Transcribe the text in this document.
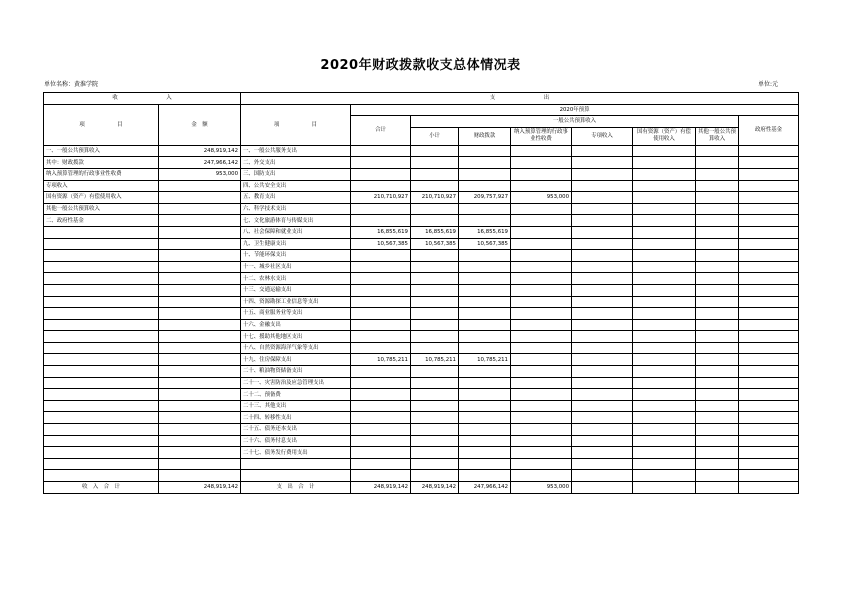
2020年财政拨款收支总体情况表
单位名称：黄淮学院	单位:元
收　　　　　　　　　入		支　　　　　　　　　出								
项　　　　　　目	金　额	项　　　　　　目	2020年预算							
			合计	一般公共预算收入						政府性基金
				小计	财政拨款	纳入预算管理的行政事业性收费	专项收入	国有资源（资产）有偿使用收入	其他一般公共预算收入	
一、一般公共预算收入	248,919,142	一、一般公共服务支出								
其中：财政拨款	247,966,142	二、外交支出								
纳入预算管理的行政事业性收费	953,000	三、国防支出								
专项收入		四、公共安全支出								
国有资源（资产）有偿使用收入		五、教育支出	210,710,927	210,710,927	209,757,927	953,000				
其他一般公共预算收入		六、科学技术支出								
二、政府性基金		七、文化旅游体育与传媒支出								
		八、社会保障和就业支出	16,855,619	16,855,619	16,855,619					
		九、卫生健康支出	10,567,385	10,567,385	10,567,385					
		十、节能环保支出								
		十一、城乡社区支出								
		十二、农林水支出								
		十三、交通运输支出								
		十四、资源勘探工业信息等支出								
		十五、商业服务业等支出								
		十六、金融支出								
		十七、援助其他地区支出								
		十八、自然资源海洋气象等支出								
		十九、住房保障支出	10,785,211	10,785,211	10,785,211					
		二十、粮油物资储备支出								
		二十一、灾害防治及应急管理支出								
		二十二、预备费								
		二十三、其他支出								
		二十四、转移性支出								
		二十五、债务还本支出								
		二十六、债务付息支出								
		二十七、债务发行费用支出								

收　入　合　计	248,919,142	支　出　合　计	248,919,142	248,919,142	247,966,142	953,000				
